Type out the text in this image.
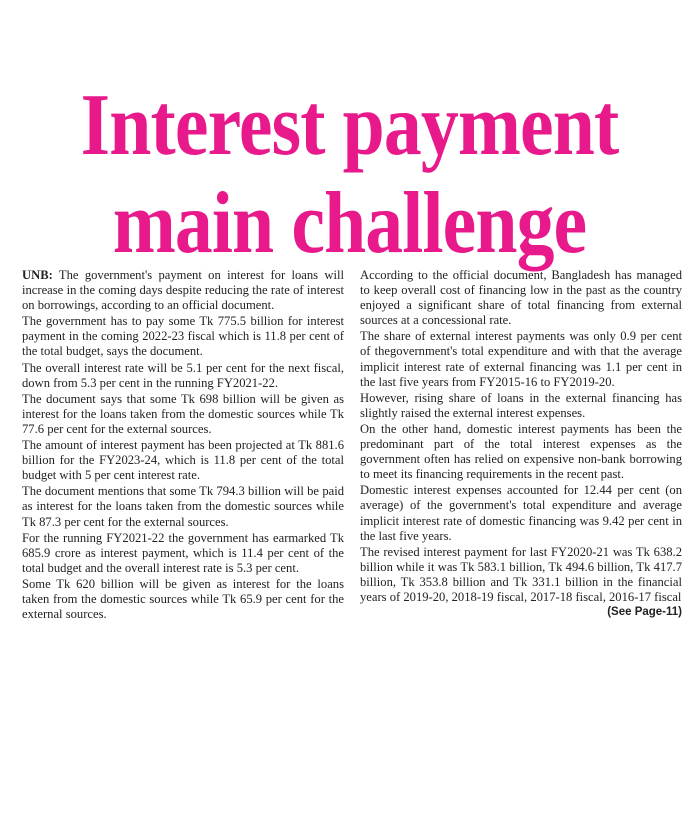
Interest payment
main challenge

UNB: The government's payment on interest for loans will increase in the coming days despite reducing the rate of interest on borrowings, according to an official document.

The government has to pay some Tk 775.5 billion for interest payment in the coming 2022-23 fiscal which is 11.8 per cent of the total budget, says the document.

The overall interest rate will be 5.1 per cent for the next fiscal, down from 5.3 per cent in the running FY2021-22.

The document says that some Tk 698 billion will be given as interest for the loans taken from the domestic sources while Tk 77.6 per cent for the external sources.

The amount of interest payment has been projected at Tk 881.6 billion for the FY2023-24, which is 11.8 per cent of the total budget with 5 per cent interest rate.

The document mentions that some Tk 794.3 billion will be paid as interest for the loans taken from the domestic sources while Tk 87.3 per cent for the external sources.

For the running FY2021-22 the government has earmarked Tk 685.9 crore as interest payment, which is 11.4 per cent of the total budget and the overall interest rate is 5.3 per cent.

Some Tk 620 billion will be given as interest for the loans taken from the domestic sources while Tk 65.9 per cent for the external sources.

According to the official document, Bangladesh has managed to keep overall cost of financing low in the past as the country enjoyed a significant share of total financing from external sources at a concessional rate.

The share of external interest payments was only 0.9 per cent of thegovernment's total expenditure and with that the average implicit interest rate of external financing was 1.1 per cent in the last five years from FY2015-16 to FY2019-20.

However, rising share of loans in the external financing has slightly raised the external interest expenses.

On the other hand, domestic interest payments has been the predominant part of the total interest expenses as the government often has relied on expensive non-bank borrowing to meet its financing requirements in the recent past.

Domestic interest expenses accounted for 12.44 per cent (on average) of the government's total expenditure and average implicit interest rate of domestic financing was 9.42 per cent in the last five years.

The revised interest payment for last FY2020-21 was Tk 638.2 billion while it was Tk 583.1 billion, Tk 494.6 billion, Tk 417.7 billion, Tk 353.8 billion and Tk 331.1 billion in the financial years of 2019-20, 2018-19 fiscal, 2017-18 fiscal, 2016-17 fiscal
(See Page-11)
